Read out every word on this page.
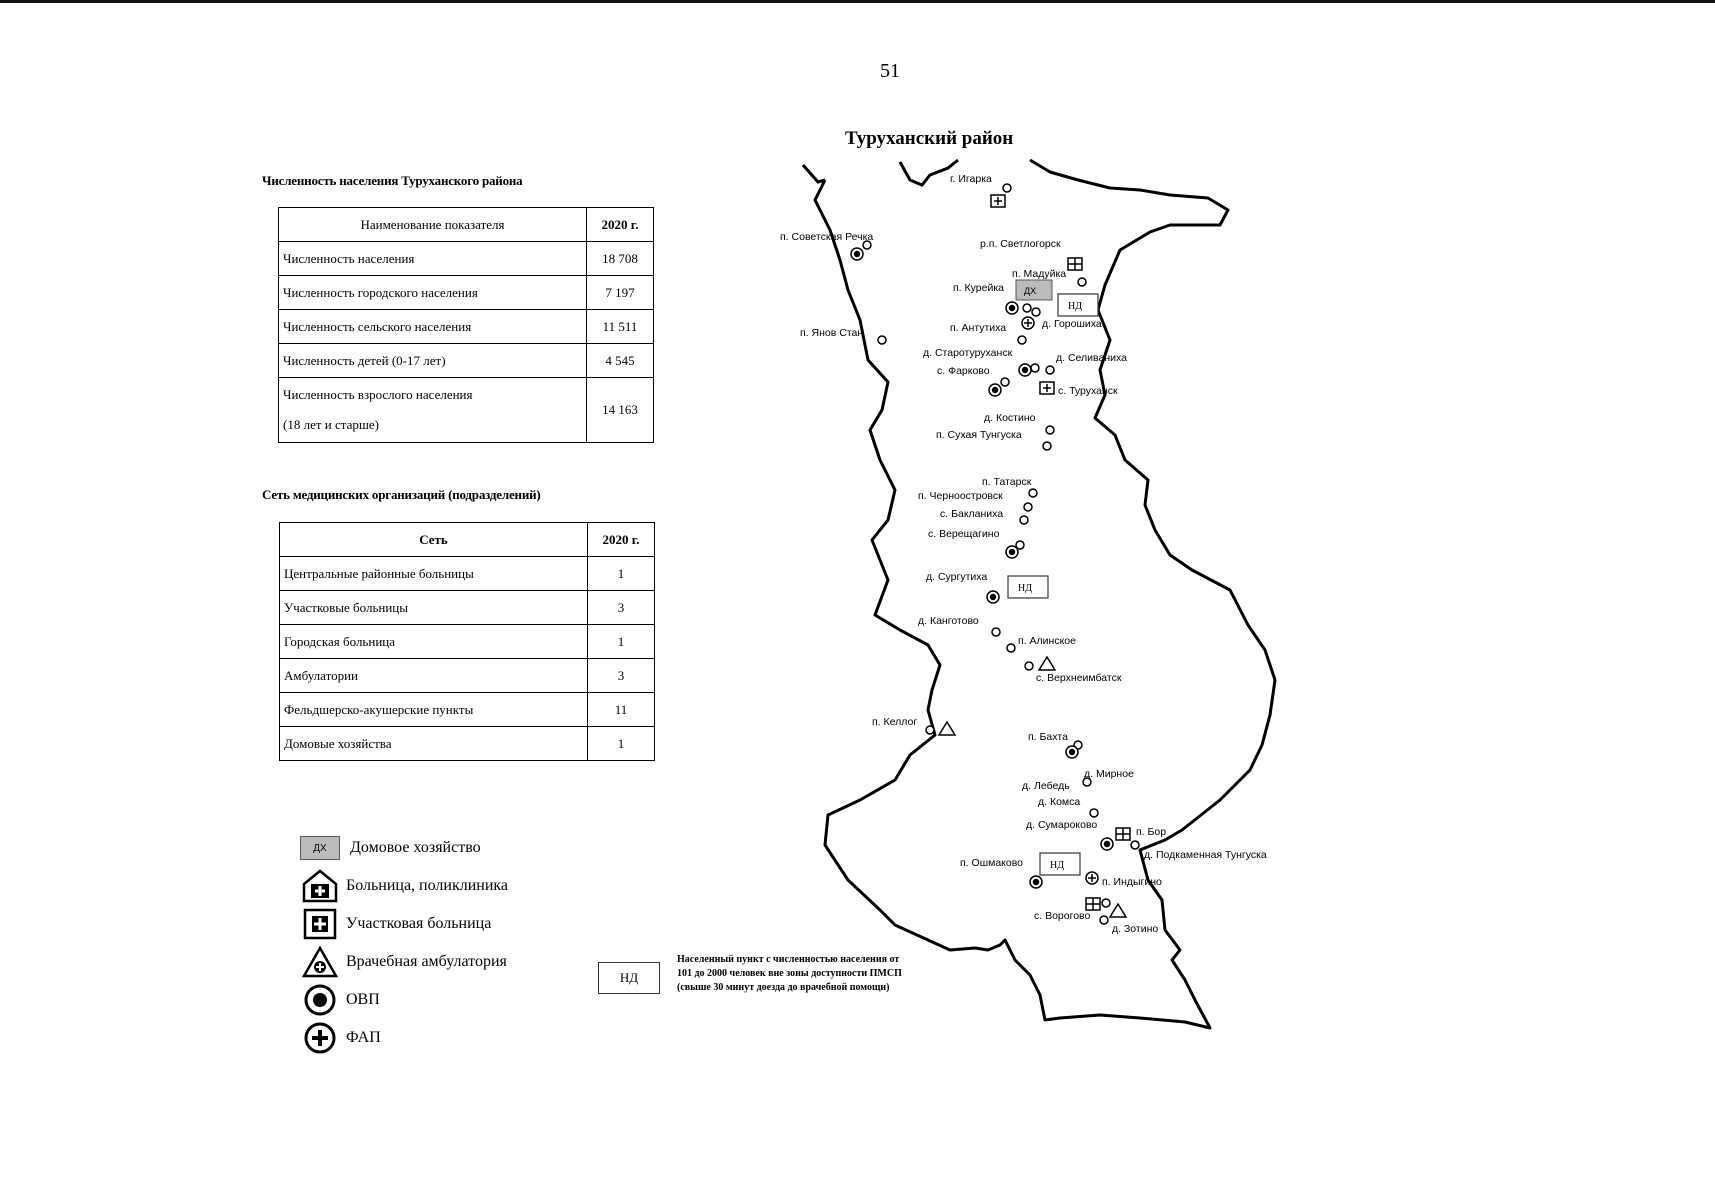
51
Туруханский район
Численность населения Туруханского района
Наименование показателя	2020 г.
Численность населения	18 708
Численность городского населения	7 197
Численность сельского населения	11 511
Численность детей (0-17 лет)	4 545

Численность взрослого населения
(18 лет и старше)	14 163
Сеть медицинских организаций (подразделений)
Сеть	2020 г.
Центральные районные больницы	1
Участковые больницы	3
Городская больница	1
Амбулатории	3
Фельдшерско-акушерские пункты	11
Домовые хозяйства	1
ДХ	Домовое хозяйство
Больница, поликлиника
Участковая больница
Врачебная амбулатория
ОВП
ФАП
НД
Населенный пункт с численностью населения от 101 до 2000 человек вне зоны доступности ПМСП (свыше 30 минут доезда до врачебной помощи)
ДХ
НД
НД
НД
г. Игарка
п. Советская Речка
р.п. Светлогорск
п. Мадуйка
п. Курейка
д. Горошиха
п. Янов Стан	п. Антутиха
д. Старотуруханск	д. Селиваниха
с. Фарково
с. Туруханск
д. Костино
п. Сухая Тунгуска
п. Татарск
п. Черноостровск
с. Бакланиха
с. Верещагино
д. Сургутиха
д. Канготово
п. Алинское
с. Верхнеимбатск
п. Келлог
п. Бахта
д. Мирное
д. Лебедь
д. Комса
д. Сумароково
п. Бор
д. Подкаменная Тунгуска
п. Ошмаково
п. Индыгино
с. Ворогово
д. Зотино
